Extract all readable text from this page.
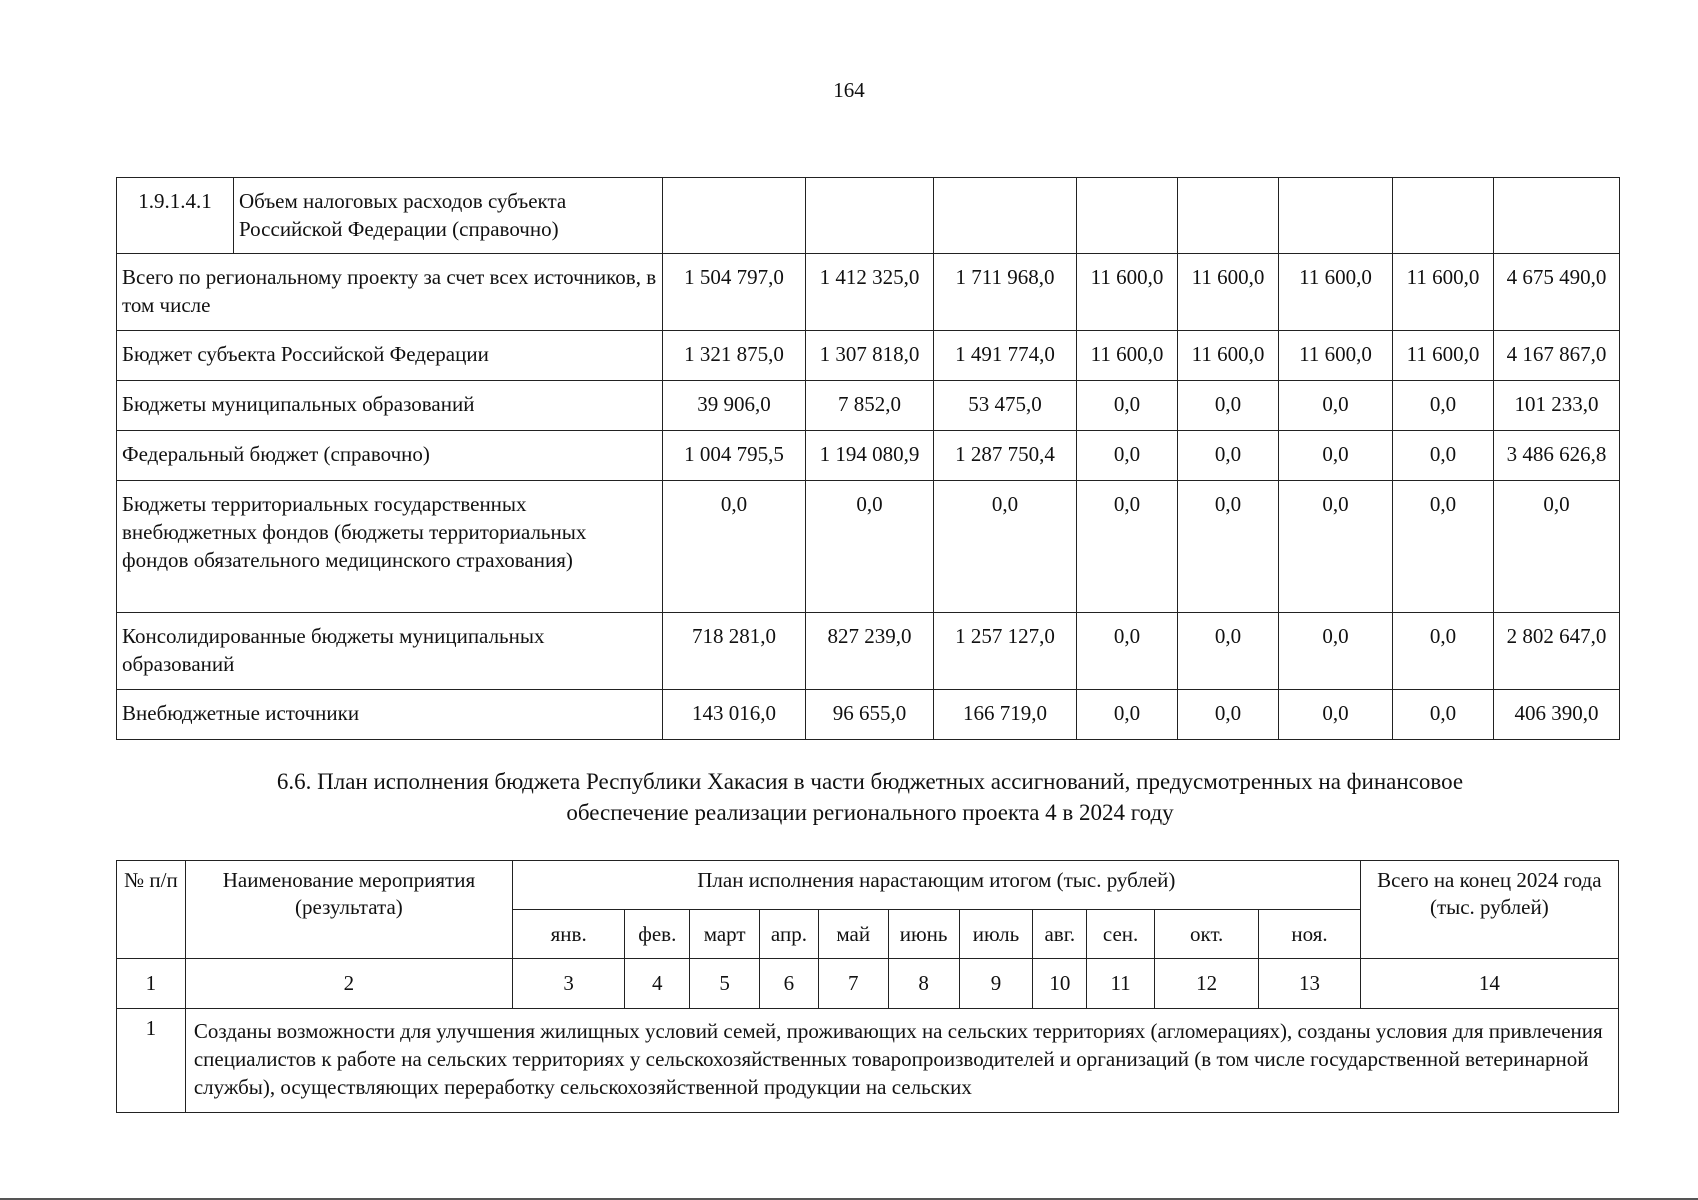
164
1.9.1.4.1	Объем налоговых расходов субъекта Российской Федерации (справочно)								
Всего по региональному проекту за счет всех источников, в том числе		1 504 797,0	1 412 325,0	1 711 968,0	11 600,0	11 600,0	11 600,0	11 600,0	4 675 490,0
Бюджет субъекта Российской Федерации		1 321 875,0	1 307 818,0	1 491 774,0	11 600,0	11 600,0	11 600,0	11 600,0	4 167 867,0
Бюджеты муниципальных образований		39 906,0	7 852,0	53 475,0	0,0	0,0	0,0	0,0	101 233,0
Федеральный бюджет (справочно)		1 004 795,5	1 194 080,9	1 287 750,4	0,0	0,0	0,0	0,0	3 486 626,8
Бюджеты территориальных государственных внебюджетных фондов (бюджеты территориальных фондов обязательного медицинского страхования)		0,0	0,0	0,0	0,0	0,0	0,0	0,0	0,0
Консолидированные бюджеты муниципальных образований		718 281,0	827 239,0	1 257 127,0	0,0	0,0	0,0	0,0	2 802 647,0
Внебюджетные источники		143 016,0	96 655,0	166 719,0	0,0	0,0	0,0	0,0	406 390,0
6.6. План исполнения бюджета Республики Хакасия в части бюджетных ассигнований, предусмотренных на финансовое
обеспечение реализации регионального проекта 4 в 2024 году
№ п/п	Наименование мероприятия (результата)	План исполнения нарастающим итогом (тыс. рублей)											Всего на конец 2024 года (тыс. рублей)
		янв.	фев.	март	апр.	май	июнь	июль	авг.	сен.	окт.	ноя.	
1	2	3	4	5	6	7	8	9	10	11	12	13	14
1	Созданы возможности для улучшения жилищных условий семей, проживающих на сельских территориях (агломерациях), созданы условия для привлечения специалистов к работе на сельских территориях у сельскохозяйственных товаропроизводителей и организаций (в том числе государственной ветеринарной службы), осуществляющих переработку сельскохозяйственной продукции на сельских												
